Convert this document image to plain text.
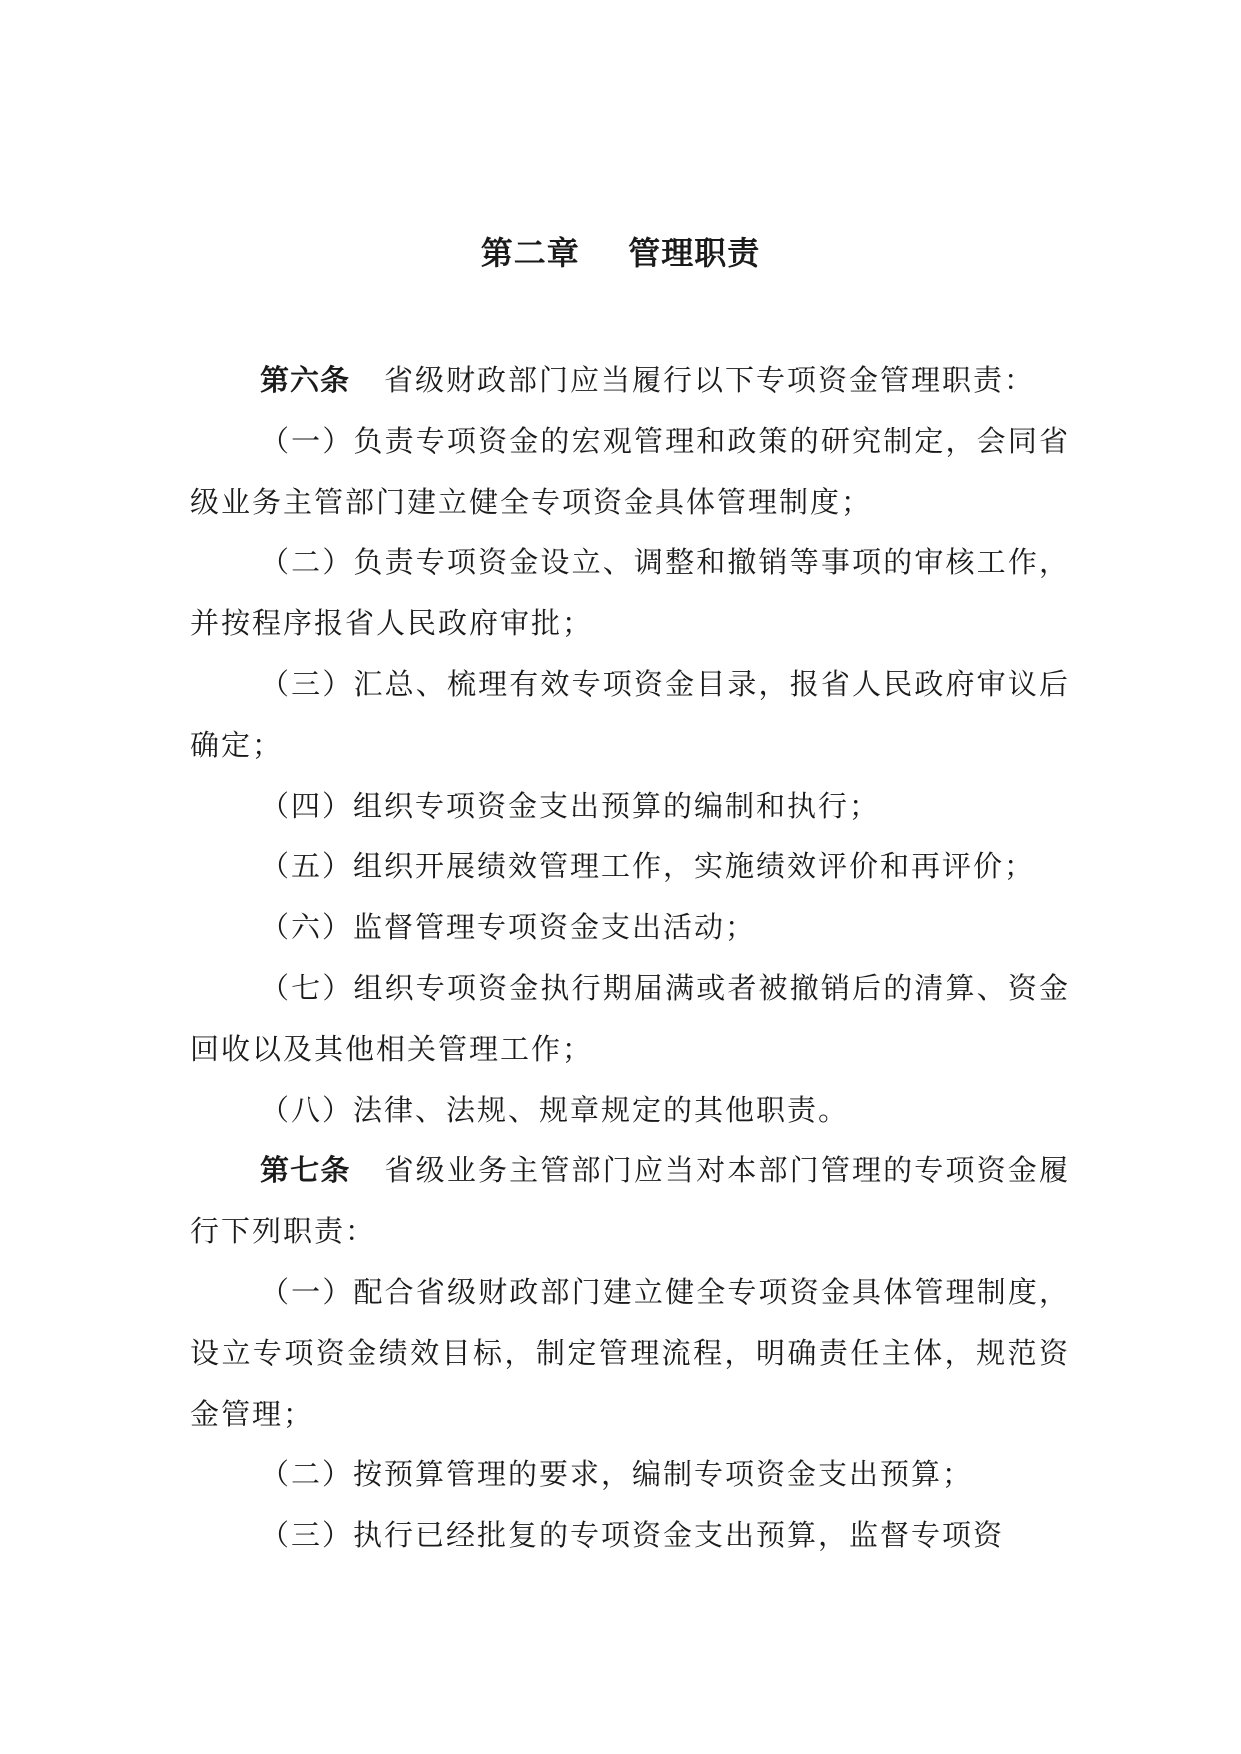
第二章    管理职责

第六条 省级财政部门应当履行以下专项资金管理职责：

（一）负责专项资金的宏观管理和政策的研究制定，会同省级业务主管部门建立健全专项资金具体管理制度；

（二）负责专项资金设立、调整和撤销等事项的审核工作，并按程序报省人民政府审批；

（三）汇总、梳理有效专项资金目录，报省人民政府审议后确定；

（四）组织专项资金支出预算的编制和执行；

（五）组织开展绩效管理工作，实施绩效评价和再评价；

（六）监督管理专项资金支出活动；

（七）组织专项资金执行期届满或者被撤销后的清算、资金回收以及其他相关管理工作；

（八）法律、法规、规章规定的其他职责。

第七条 省级业务主管部门应当对本部门管理的专项资金履行下列职责：

（一）配合省级财政部门建立健全专项资金具体管理制度，设立专项资金绩效目标，制定管理流程，明确责任主体，规范资金管理；

（二）按预算管理的要求，编制专项资金支出预算；

（三）执行已经批复的专项资金支出预算，监督专项资
